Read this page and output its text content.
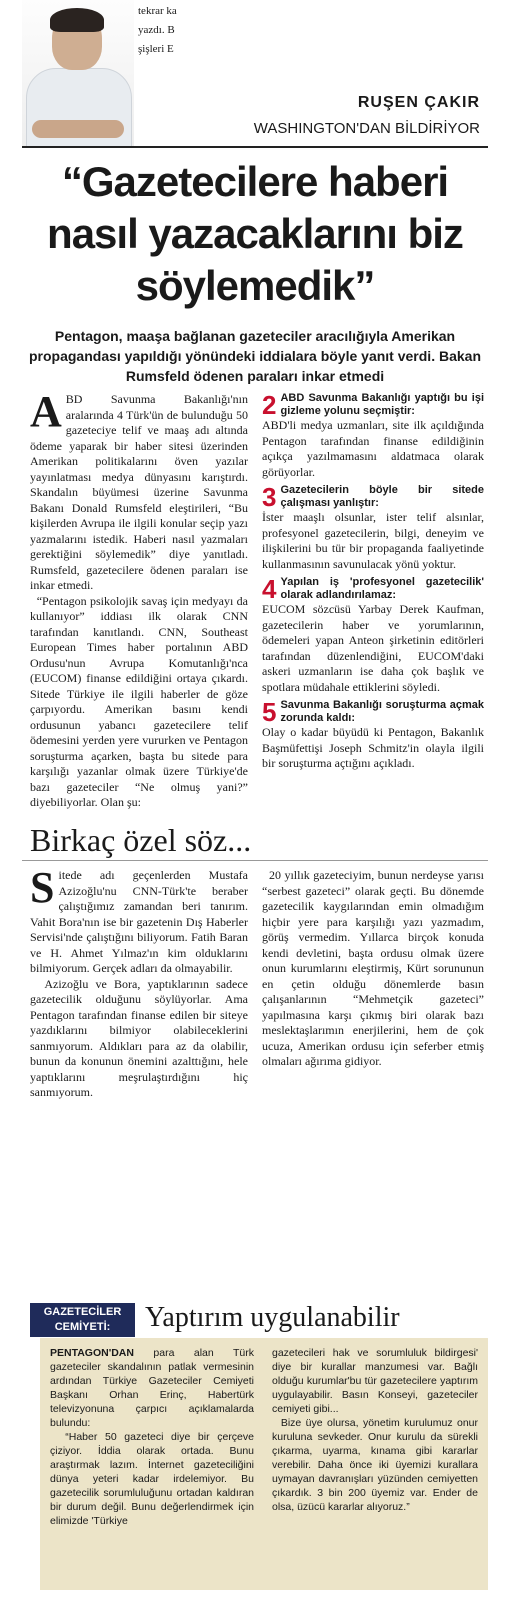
tekrar ka
yazdı. B
şişleri E
RUŞEN ÇAKIR
WASHINGTON'DAN BİLDİRİYOR
“Gazetecilere haberi nasıl yazacaklarını biz söylemedik”
Pentagon, maaşa bağlanan gazeteciler aracılığıyla Amerikan propagandası yapıldığı yönündeki iddialara böyle yanıt verdi. Bakan Rumsfeld ödenen paraları inkar etmedi

ABD Savunma Bakanlığı'nın aralarında 4 Türk'ün de bulunduğu 50 gazeteciye telif ve maaş adı altında ödeme yaparak bir haber sitesi üzerinden Amerikan politikalarını öven yazılar yayınlatması medya dünyasını karıştırdı. Skandalın büyümesi üzerine Savunma Bakanı Donald Rumsfeld eleştirileri, “Bu kişilerden Avrupa ile ilgili konular seçip yazı yazmalarını istedik. Haberi nasıl yazmaları gerektiğini söylemedik” diye yanıtladı. Rumsfeld, gazetecilere ödenen paraları ise inkar etmedi.

“Pentagon psikolojik savaş için medyayı da kullanıyor” iddiası ilk olarak CNN tarafından kanıtlandı. CNN, Southeast European Times haber portalının ABD Ordusu'nun Avrupa Komutanlığı'nca (EUCOM) finanse edildiğini ortaya çıkardı. Sitede Türkiye ile ilgili haberler de göze çarpıyordu. Amerikan basını kendi ordusunun yabancı gazetecilere telif ödemesini yerden yere vururken ve Pentagon soruşturma açarken, başta bu sitede para karşılığı yazanlar olmak üzere Türkiye'de bazı gazeteciler “Ne olmuş yani?” diyebiliyorlar. Olan şu:

2 ABD Savunma Bakanlığı yaptığı bu işi gizleme yolunu seçmiştir:

ABD'li medya uzmanları, site ilk açıldığında Pentagon tarafından finanse edildiğinin açıkça yazılmamasını aldatmaca olarak görüyorlar.

3 Gazetecilerin böyle bir sitede çalışması yanlıştır:

İster maaşlı olsunlar, ister telif alsınlar, profesyonel gazetecilerin, bilgi, deneyim ve ilişkilerini bu tür bir propaganda faaliyetinde kullanmasının savunulacak yönü yoktur.

4 Yapılan iş 'profesyonel gazetecilik' olarak adlandırılamaz:

EUCOM sözcüsü Yarbay Derek Kaufman, gazetecilerin haber ve yorumlarının, ödemeleri yapan Anteon şirketinin editörleri tarafından düzenlendiğini, EUCOM'daki askeri uzmanların ise daha çok başlık ve spotlara müdahale ettiklerini söyledi.

5 Savunma Bakanlığı soruşturma açmak zorunda kaldı:

Olay o kadar büyüdü ki Pentagon, Bakanlık Başmüfettişi Joseph Schmitz'in olayla ilgili bir soruşturma açtığını açıkladı.

Birkaç özel söz...

Sitede adı geçenlerden Mustafa Azizoğlu'nu CNN-Türk'te beraber çalıştığımız zamandan beri tanırım. Vahit Bora'nın ise bir gazetenin Dış Haberler Servisi'nde çalıştığını biliyorum. Fatih Baran ve H. Ahmet Yılmaz'ın kim olduklarını bilmiyorum. Gerçek adları da olmayabilir.

Azizoğlu ve Bora, yaptıklarının sadece gazetecilik olduğunu söylüyorlar. Ama Pentagon tarafından finanse edilen bir siteye yazdıklarını bilmiyor olabileceklerini sanmıyorum. Aldıkları para az da olabilir, bunun da konunun önemini azalttığını, hele yaptıklarını meşrulaştırdığını hiç sanmıyorum.

20 yıllık gazeteciyim, bunun nerdeyse yarısı “serbest gazeteci” olarak geçti. Bu dönemde gazetecilik kaygılarından emin olmadığım hiçbir yere para karşılığı yazı yazmadım, görüş vermedim. Yıllarca birçok konuda kendi devletini, başta ordusu olmak üzere onun kurumlarını eleştirmiş, Kürt sorununun en çetin olduğu dönemlerde basın çalışanlarının “Mehmetçik gazeteci” yapılmasına karşı çıkmış biri olarak bazı meslektaşlarımın enerjilerini, hem de çok ucuza, Amerikan ordusu için seferber etmiş olmaları ağırıma gidiyor.

GAZETECİLER
CEMİYETİ:	Yaptırım uygulanabilir

PENTAGON'DAN para alan Türk gazeteciler skandalının patlak vermesinin ardından Türkiye Gazeteciler Cemiyeti Başkanı Orhan Erinç, Habertürk televizyonuna çarpıcı açıklamalarda bulundu:

“Haber 50 gazeteci diye bir çerçeve çiziyor. İddia olarak ortada. Bunu araştırmak lazım. İnternet gazeteciliğini dünya yeteri kadar irdelemiyor. Bu gazetecilik sorumluluğunu ortadan kaldıran bir durum değil. Bunu değerlendirmek için elimizde 'Türkiye

gazetecileri hak ve sorumluluk bildirgesi' diye bir kurallar manzumesi var. Bağlı olduğu kurumlar'bu tür gazetecilere yaptırım uygulayabilir. Basın Konseyi, gazeteciler cemiyeti gibi...

Bize üye olursa, yönetim kurulumuz onur kuruluna sevkeder. Onur kurulu da sürekli çıkarma, uyarma, kınama gibi kararlar verebilir. Daha önce iki üyemizi kurallara uymayan davranışları yüzünden cemiyetten çıkardık. 3 bin 200 üyemiz var. Ender de olsa, üzücü kararlar alıyoruz.”
